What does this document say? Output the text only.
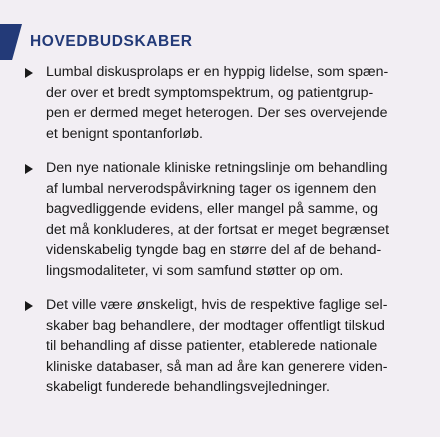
HOVEDBUDSKABER
Lumbal diskusprolaps er en hyppig lidelse, som spæn-
der over et bredt symptomspektrum, og patientgrup-
pen er dermed meget heterogen. Der ses overvejende
et benignt spontanforløb.
Den nye nationale kliniske retningslinje om behandling
af lumbal nerverodspåvirkning tager os igennem den
bagvedliggende evidens, eller mangel på samme, og
det må konkluderes, at der fortsat er meget begrænset
videnskabelig tyngde bag en større del af de behand-
lingsmodaliteter, vi som samfund støtter op om.
Det ville være ønskeligt, hvis de respektive faglige sel-
skaber bag behandlere, der modtager offentligt tilskud
til behandling af disse patienter, etablerede nationale
kliniske databaser, så man ad åre kan generere viden-
skabeligt funderede behandlingsvejledninger.
